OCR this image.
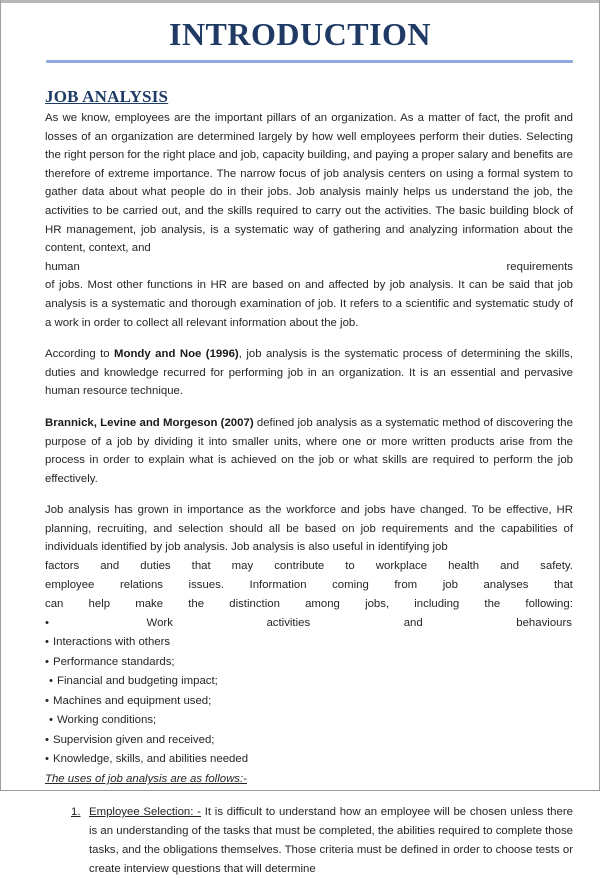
INTRODUCTION
JOB ANALYSIS

As we know, employees are the important pillars of an organization. As a matter of fact, the profit and losses of an organization are determined largely by how well employees perform their duties. Selecting the right person for the right place and job, capacity building, and paying a proper salary and benefits are therefore of extreme importance. The narrow focus of job analysis centers on using a formal system to gather data about what people do in their jobs. Job analysis mainly helps us understand the job, the activities to be carried out, and the skills required to carry out the activities. The basic building block of HR management, job analysis, is a systematic way of gathering and analyzing information about the content, context, and

human	requirements

of jobs. Most other functions in HR are based on and affected by job analysis. It can be said that job analysis is a systematic and thorough examination of job. It refers to a scientific and systematic study of a work in order to collect all relevant information about the job.

According to Mondy and Noe (1996), job analysis is the systematic process of determining the skills, duties and knowledge recurred for performing job in an organization. It is an essential and pervasive human resource technique.

Brannick, Levine and Morgeson (2007) defined job analysis as a systematic method of discovering the purpose of a job by dividing it into smaller units, where one or more written products arise from the process in order to explain what is achieved on the job or what skills are required to perform the job effectively.

Job analysis has grown in importance as the workforce and jobs have changed. To be effective, HR planning, recruiting, and selection should all be based on job requirements and the capabilities of individuals identified by job analysis. Job analysis is also useful in identifying job

factors and duties that may contribute to workplace health and safety.
employee relations issues. Information coming from job analyses that
can help make the distinction among jobs, including the following:
•	Work	activities	and	behaviours
• Interactions with others
• Performance standards;
• Financial and budgeting impact;
• Machines and equipment used;
• Working conditions;
• Supervision given and received;
• Knowledge, skills, and abilities needed
The uses of job analysis are as follows:-
1. Employee Selection: - It is difficult to understand how an employee will be chosen unless there is an understanding of the tasks that must be completed, the abilities required to complete those tasks, and the obligations themselves. Those criteria must be defined in order to choose tests or create interview questions that will determine
